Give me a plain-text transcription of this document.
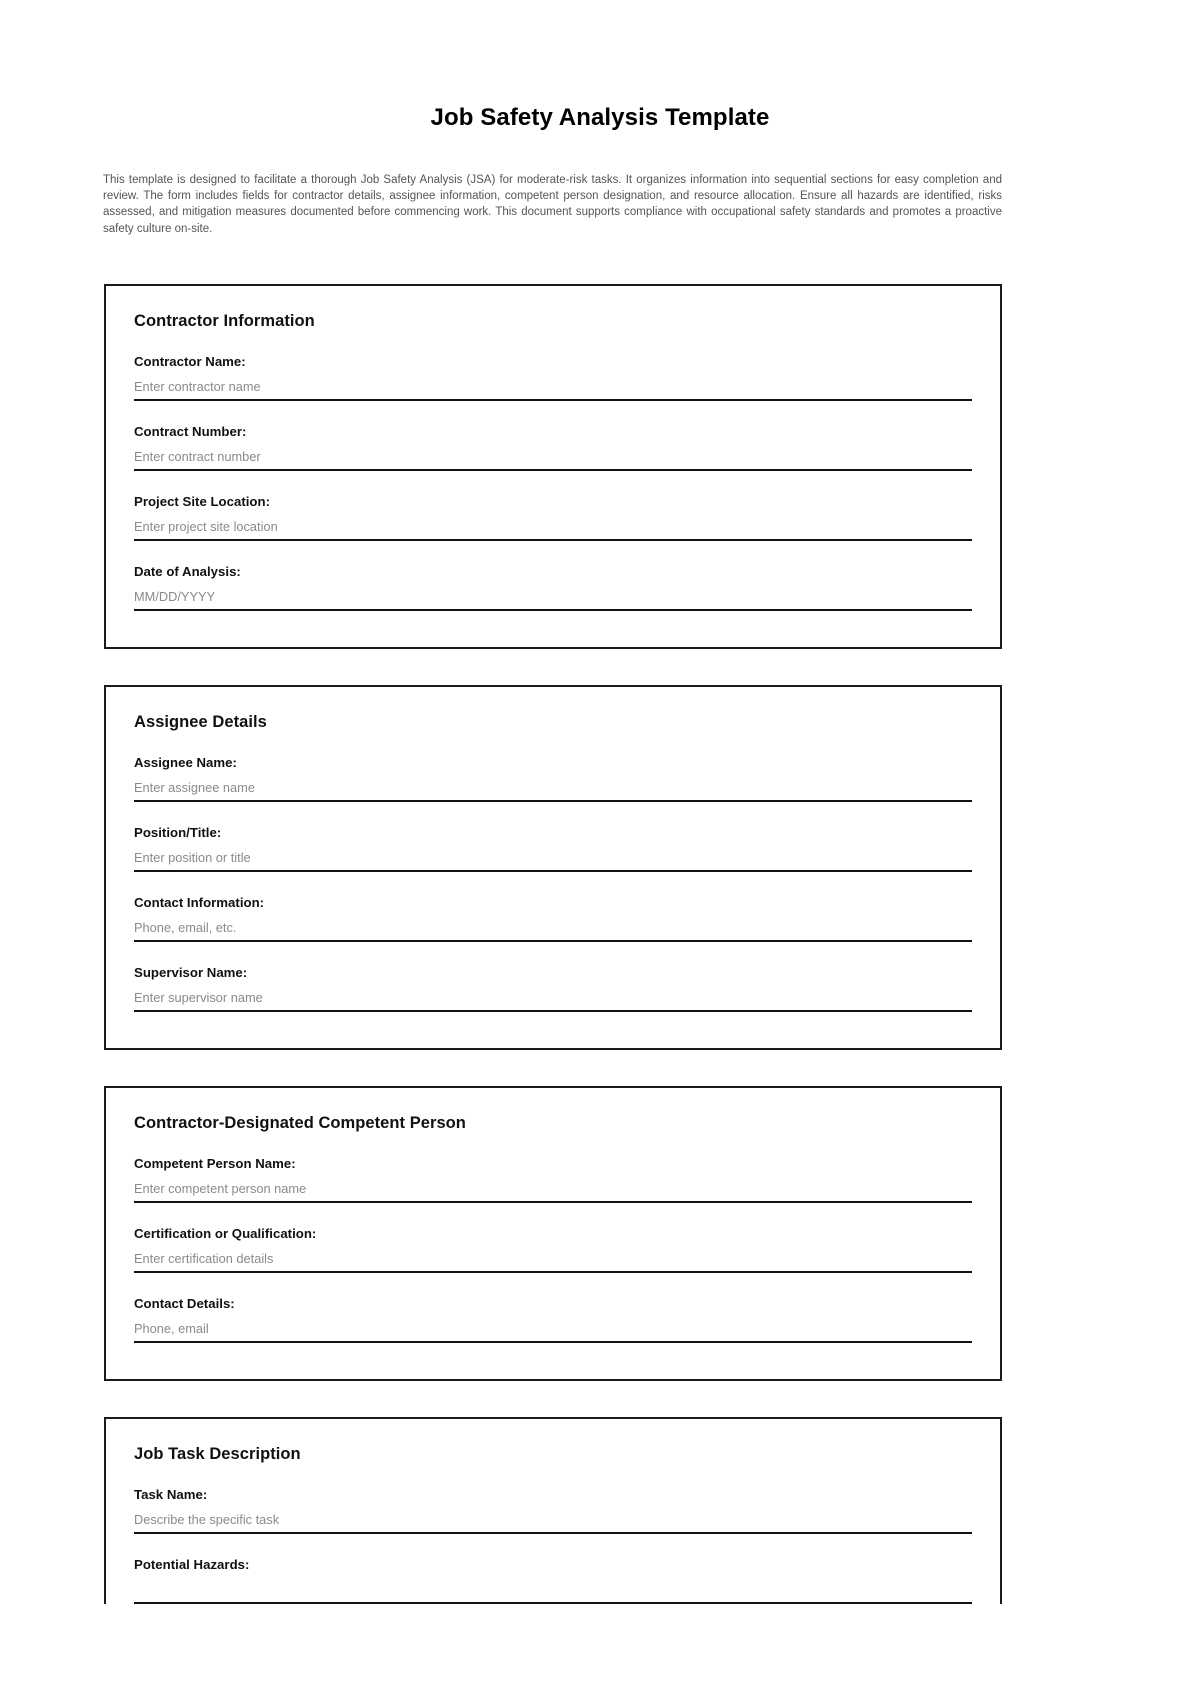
Job Safety Analysis Template

This template is designed to facilitate a thorough Job Safety Analysis (JSA) for moderate-risk tasks. It organizes information into sequential sections for easy completion and review. The form includes fields for contractor details, assignee information, competent person designation, and resource allocation. Ensure all hazards are identified, risks assessed, and mitigation measures documented before commencing work. This document supports compliance with occupational safety standards and promotes a proactive safety culture on-site.

Contractor Information
Contractor Name:
Enter contractor name
Contract Number:
Enter contract number
Project Site Location:
Enter project site location
Date of Analysis:
MM/DD/YYYY
Assignee Details
Assignee Name:
Enter assignee name
Position/Title:
Enter position or title
Contact Information:
Phone, email, etc.
Supervisor Name:
Enter supervisor name
Contractor-Designated Competent Person
Competent Person Name:
Enter competent person name
Certification or Qualification:
Enter certification details
Contact Details:
Phone, email
Job Task Description
Task Name:
Describe the specific task
Potential Hazards:
